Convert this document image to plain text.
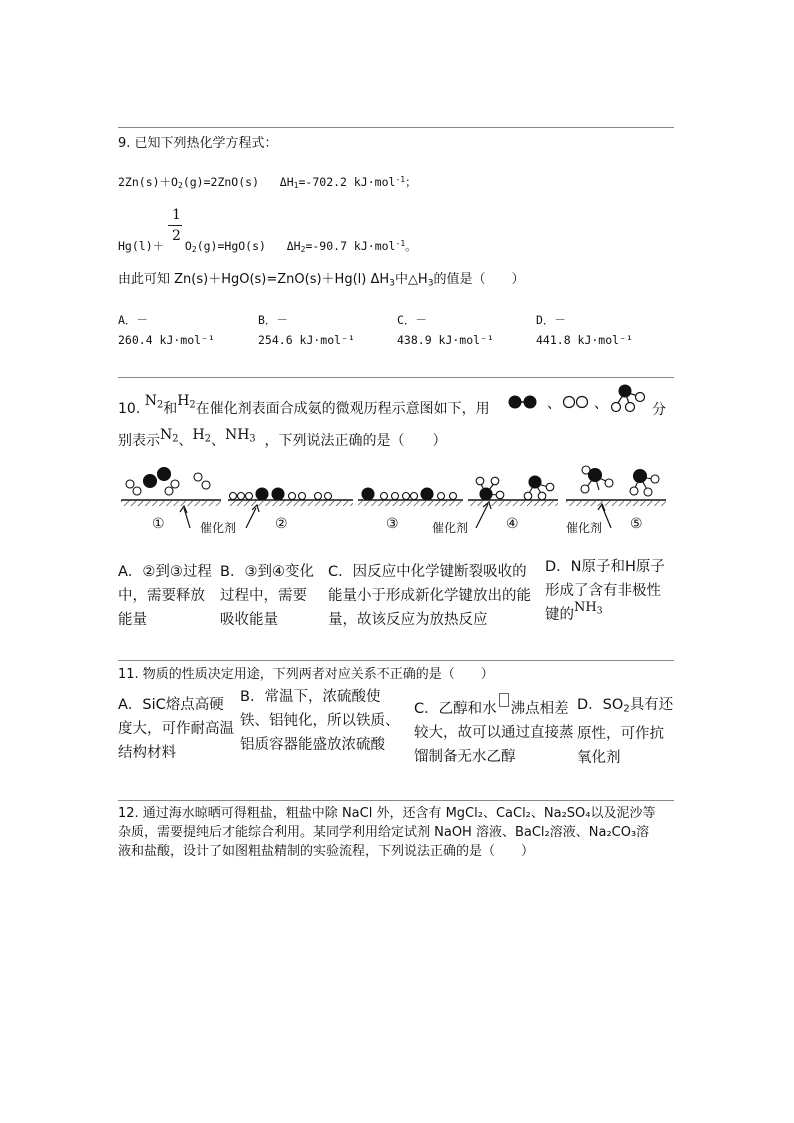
9. 已知下列热化学方程式：
$2Zn(s)+O_2(g)=2ZnO(s)$ $\Delta H_1=-702.2$ kJ·mol$^{-1}$；
1
2
$Hg(l)+ O_2(g)=HgO(s)$ $\Delta H_2=-90.7$ kJ·mol$^{-1}$。
由此可知 Zn(s)＋HgO(s)=ZnO(s)＋Hg(l) $\Delta H_3$中$\triangle H_3$的值是（　　）
A．－
260.4 kJ·mol⁻¹
B．－
254.6 kJ·mol⁻¹
C．－
438.9 kJ·mol⁻¹
D．－
441.8 kJ·mol⁻¹
10. $N_2$和$H_2$在催化剂表面合成氨的微观历程示意图如下，用	、 、	分
别表示$N_2$、$H_2$、$NH_3$ ，下列说法正确的是（　　）
①	催化剂	②	③	催化剂	④	催化剂 ⑤
A．②到③过程中，需要释放能量
B．③到④变化过程中，需要吸收能量
C．因反应中化学键断裂吸收的能量小于形成新化学键放出的能量，故该反应为放热反应
D．N原子和H原子形成了含有非极性键的$NH_3$
11. 物质的性质决定用途，下列两者对应关系不正确的是（　　）
A．SiC熔点高硬度大，可作耐高温结构材料
B．常温下，浓硫酸使铁、铝钝化，所以铁质、铝质容器能盛放浓硫酸
C．乙醇和水 沸点相差较大，故可以通过直接蒸馏制备无水乙醇
D．$SO_2$具有还原性，可作抗氧化剂
12. 通过海水晾晒可得粗盐，粗盐中除 NaCl 外，还含有 MgCl₂、CaCl₂、Na₂SO₄以及泥沙等
杂质，需要提纯后才能综合利用。某同学利用给定试剂 NaOH 溶液、BaCl₂溶液、Na₂CO₃溶
液和盐酸，设计了如图粗盐精制的实验流程，下列说法正确的是（　　）
